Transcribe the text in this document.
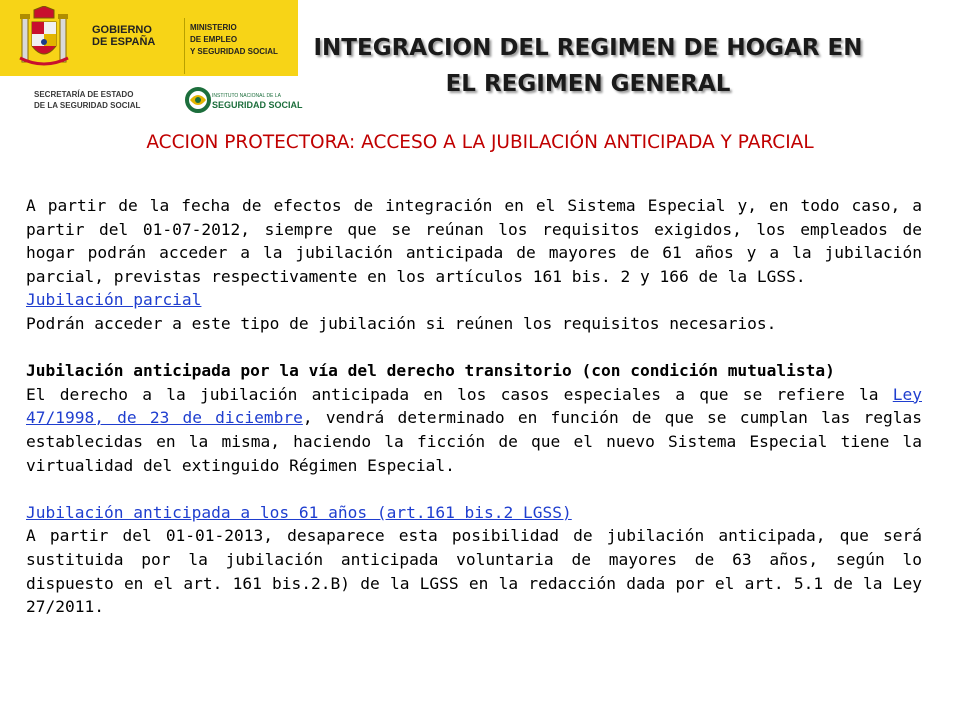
GOBIERNO
DE ESPAÑA
MINISTERIO
DE EMPLEO
Y SEGURIDAD SOCIAL
SECRETARÍA DE ESTADO
DE LA SEGURIDAD SOCIAL
INSTITUTO NACIONAL DE LA
SEGURIDAD SOCIAL
INTEGRACION DEL REGIMEN DE HOGAR EN
EL REGIMEN GENERAL
ACCION PROTECTORA: ACCESO A LA JUBILACIÓN ANTICIPADA Y PARCIAL

A partir de la fecha de efectos de integración en el Sistema Especial y, en todo caso, a partir del 01-07-2012, siempre que se reúnan los requisitos exigidos, los empleados de hogar podrán acceder a la jubilación anticipada de mayores de 61 años y a la jubilación parcial, previstas respectivamente en los artículos 161 bis. 2 y 166 de la LGSS.

Jubilación parcial

Podrán acceder a este tipo de jubilación si reúnen los requisitos necesarios.

Jubilación anticipada por la vía del derecho transitorio (con condición mutualista)

El derecho a la jubilación anticipada en los casos especiales a que se refiere la Ley 47/1998, de 23 de diciembre, vendrá determinado en función de que se cumplan las reglas establecidas en la misma, haciendo la ficción de que el nuevo Sistema Especial tiene la virtualidad del extinguido Régimen Especial.

Jubilación anticipada a los 61 años (art.161 bis.2 LGSS)

A partir del 01-01-2013, desaparece esta posibilidad de jubilación anticipada, que será sustituida por la jubilación anticipada voluntaria de mayores de 63 años, según lo dispuesto en el art. 161 bis.2.B) de la LGSS en la redacción dada por el art. 5.1 de la Ley 27/2011.
